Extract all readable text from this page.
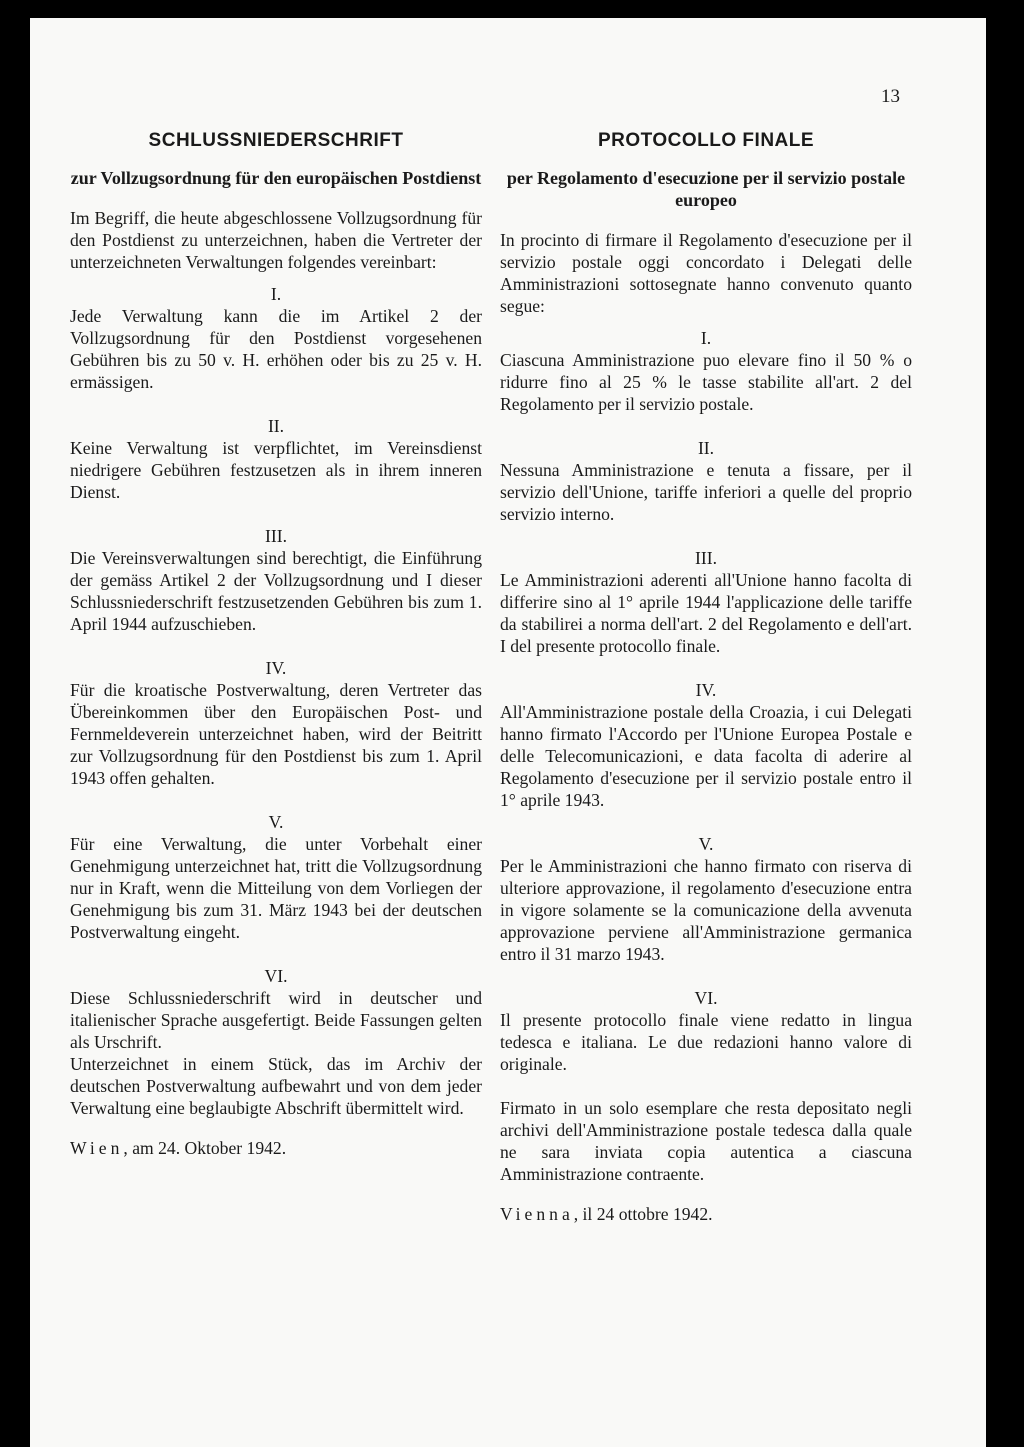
13
SCHLUSSNIEDERSCHRIFT
zur Vollzugsordnung für den europäischen Postdienst
Im Begriff, die heute abgeschlossene Vollzugsordnung für den Postdienst zu unterzeichnen, haben die Vertreter der unterzeichneten Verwaltungen folgendes vereinbart:
I.
Jede Verwaltung kann die im Artikel 2 der Vollzugsordnung für den Postdienst vorgesehenen Gebühren bis zu 50 v. H. erhöhen oder bis zu 25 v. H. ermässigen.
II.
Keine Verwaltung ist verpflichtet, im Vereinsdienst niedrigere Gebühren festzusetzen als in ihrem inneren Dienst.
III.
Die Vereinsverwaltungen sind berechtigt, die Einführung der gemäss Artikel 2 der Vollzugsordnung und I dieser Schlussniederschrift festzusetzenden Gebühren bis zum 1. April 1944 aufzuschieben.
IV.
Für die kroatische Postverwaltung, deren Vertreter das Übereinkommen über den Europäischen Post- und Fernmeldeverein unterzeichnet haben, wird der Beitritt zur Vollzugsordnung für den Postdienst bis zum 1. April 1943 offen gehalten.
V.
Für eine Verwaltung, die unter Vorbehalt einer Genehmigung unterzeichnet hat, tritt die Vollzugsordnung nur in Kraft, wenn die Mitteilung von dem Vorliegen der Genehmigung bis zum 31. März 1943 bei der deutschen Postverwaltung eingeht.
VI.
Diese Schlussniederschrift wird in deutscher und italienischer Sprache ausgefertigt. Beide Fassungen gelten als Urschrift.
Unterzeichnet in einem Stück, das im Archiv der deutschen Postverwaltung aufbewahrt und von dem jeder Verwaltung eine beglaubigte Abschrift übermittelt wird.
Wien, am 24. Oktober 1942.
PROTOCOLLO FINALE
per Regolamento d'esecuzione per il servizio postale europeo
In procinto di firmare il Regolamento d'esecuzione per il servizio postale oggi concordato i Delegati delle Amministrazioni sottosegnate hanno convenuto quanto segue:
I.
Ciascuna Amministrazione puo elevare fino il 50 % o ridurre fino al 25 % le tasse stabilite all'art. 2 del Regolamento per il servizio postale.
II.
Nessuna Amministrazione e tenuta a fissare, per il servizio dell'Unione, tariffe inferiori a quelle del proprio servizio interno.
III.
Le Amministrazioni aderenti all'Unione hanno facolta di differire sino al 1° aprile 1944 l'applicazione delle tariffe da stabilirei a norma dell'art. 2 del Regolamento e dell'art. I del presente protocollo finale.
IV.
All'Amministrazione postale della Croazia, i cui Delegati hanno firmato l'Accordo per l'Unione Europea Postale e delle Telecomunicazioni, e data facolta di aderire al Regolamento d'esecuzione per il servizio postale entro il 1° aprile 1943.
V.
Per le Amministrazioni che hanno firmato con riserva di ulteriore approvazione, il regolamento d'esecuzione entra in vigore solamente se la comunicazione della avvenuta approvazione perviene all'Amministrazione germanica entro il 31 marzo 1943.
VI.
Il presente protocollo finale viene redatto in lingua tedesca e italiana. Le due redazioni hanno valore di originale.
Firmato in un solo esemplare che resta depositato negli archivi dell'Amministrazione postale tedesca dalla quale ne sara inviata copia autentica a ciascuna Amministrazione contraente.
Vienna, il 24 ottobre 1942.
